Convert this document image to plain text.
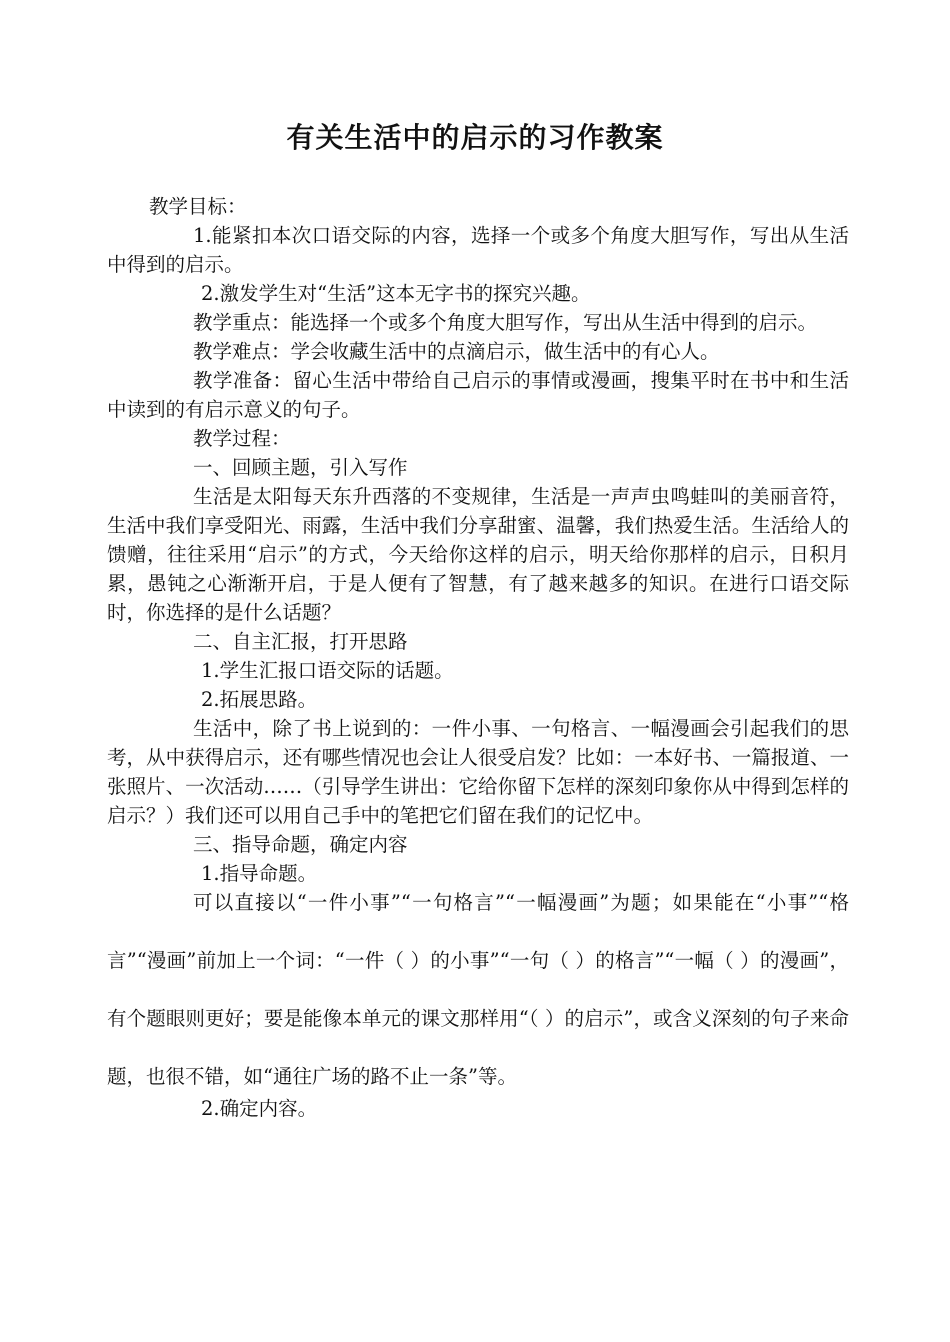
有关生活中的启示的习作教案

教学目标：

1.能紧扣本次口语交际的内容，选择一个或多个角度大胆写作，写出从生活中得到的启示。

2.激发学生对“生活”这本无字书的探究兴趣。

教学重点：能选择一个或多个角度大胆写作，写出从生活中得到的启示。

教学难点：学会收藏生活中的点滴启示，做生活中的有心人。

教学准备：留心生活中带给自己启示的事情或漫画，搜集平时在书中和生活中读到的有启示意义的句子。

教学过程：

一、回顾主题，引入写作

生活是太阳每天东升西落的不变规律，生活是一声声虫鸣蛙叫的美丽音符，生活中我们享受阳光、雨露，生活中我们分享甜蜜、温馨，我们热爱生活。生活给人的馈赠，往往采用“启示”的方式，今天给你这样的启示，明天给你那样的启示，日积月累，愚钝之心渐渐开启，于是人便有了智慧，有了越来越多的知识。在进行口语交际时，你选择的是什么话题？

二、自主汇报，打开思路

1.学生汇报口语交际的话题。

2.拓展思路。

生活中，除了书上说到的：一件小事、一句格言、一幅漫画会引起我们的思考，从中获得启示，还有哪些情况也会让人很受启发？比如：一本好书、一篇报道、一张照片、一次活动……（引导学生讲出：它给你留下怎样的深刻印象你从中得到怎样的启示？）我们还可以用自己手中的笔把它们留在我们的记忆中。

三、指导命题，确定内容

1.指导命题。

可以直接以“一件小事”“一句格言”“一幅漫画”为题；如果能在“小事”“格言”“漫画”前加上一个词：“一件（ ）的小事”“一句（ ）的格言”“一幅（ ）的漫画”，有个题眼则更好；要是能像本单元的课文那样用“（ ）的启示”，或含义深刻的句子来命题，也很不错，如“通往广场的路不止一条”等。

2.确定内容。
